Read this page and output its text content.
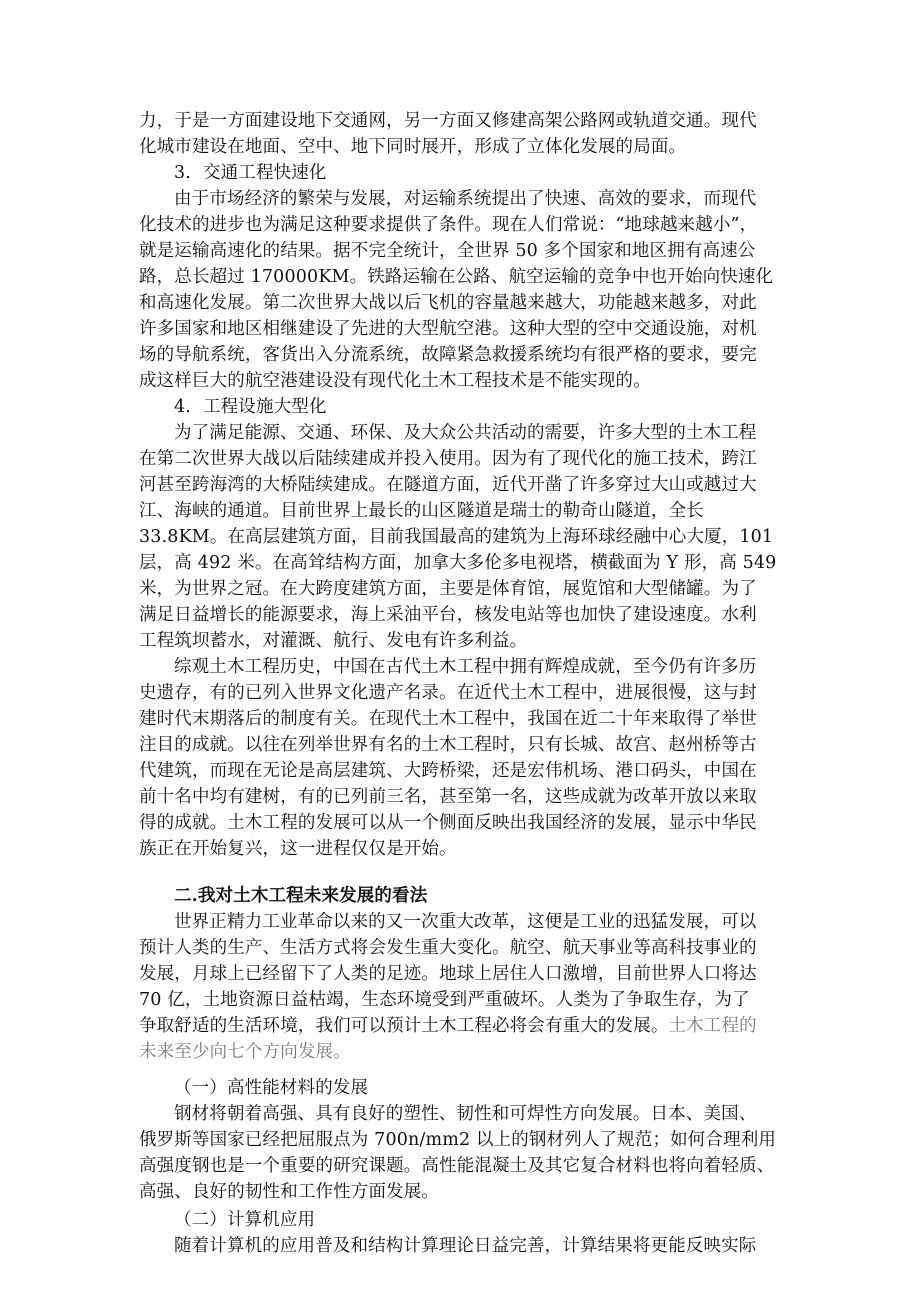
力，于是一方面建设地下交通网，另一方面又修建高架公路网或轨道交通。现代
化城市建设在地面、空中、地下同时展开，形成了立体化发展的局面。
3. 交通工程快速化
由于市场经济的繁荣与发展，对运输系统提出了快速、高效的要求，而现代
化技术的进步也为满足这种要求提供了条件。现在人们常说：“地球越来越小”，
就是运输高速化的结果。据不完全统计，全世界 50 多个国家和地区拥有高速公
路，总长超过 170000KM。铁路运输在公路、航空运输的竞争中也开始向快速化
和高速化发展。第二次世界大战以后飞机的容量越来越大，功能越来越多，对此
许多国家和地区相继建设了先进的大型航空港。这种大型的空中交通设施，对机
场的导航系统，客货出入分流系统，故障紧急救援系统均有很严格的要求，要完
成这样巨大的航空港建设没有现代化土木工程技术是不能实现的。
4. 工程设施大型化
为了满足能源、交通、环保、及大众公共活动的需要，许多大型的土木工程
在第二次世界大战以后陆续建成并投入使用。因为有了现代化的施工技术，跨江
河甚至跨海湾的大桥陆续建成。在隧道方面，近代开凿了许多穿过大山或越过大
江、海峡的通道。目前世界上最长的山区隧道是瑞士的勒奇山隧道，全长
33.8KM。在高层建筑方面，目前我国最高的建筑为上海环球经融中心大厦，101
层，高 492 米。在高耸结构方面，加拿大多伦多电视塔，横截面为 Y 形，高 549
米，为世界之冠。在大跨度建筑方面，主要是体育馆，展览馆和大型储罐。为了
满足日益增长的能源要求，海上采油平台，核发电站等也加快了建设速度。水利
工程筑坝蓄水，对灌溉、航行、发电有许多利益。
综观土木工程历史，中国在古代土木工程中拥有辉煌成就，至今仍有许多历
史遗存，有的已列入世界文化遗产名录。在近代土木工程中，进展很慢，这与封
建时代末期落后的制度有关。在现代土木工程中，我国在近二十年来取得了举世
注目的成就。以往在列举世界有名的土木工程时，只有长城、故宫、赵州桥等古
代建筑，而现在无论是高层建筑、大跨桥梁，还是宏伟机场、港口码头，中国在
前十名中均有建树，有的已列前三名，甚至第一名，这些成就为改革开放以来取
得的成就。土木工程的发展可以从一个侧面反映出我国经济的发展，显示中华民
族正在开始复兴，这一进程仅仅是开始。
二.我对土木工程未来发展的看法
世界正精力工业革命以来的又一次重大改革，这便是工业的迅猛发展，可以
预计人类的生产、生活方式将会发生重大变化。航空、航天事业等高科技事业的
发展，月球上已经留下了人类的足迹。地球上居住人口激增，目前世界人口将达
70 亿，土地资源日益枯竭，生态环境受到严重破坏。人类为了争取生存，为了
争取舒适的生活环境，我们可以预计土木工程必将会有重大的发展。土木工程的
未来至少向七个方向发展。
（一）高性能材料的发展
钢材将朝着高强、具有良好的塑性、韧性和可焊性方向发展。日本、美国、
俄罗斯等国家已经把屈服点为 700n/mm2 以上的钢材列人了规范；如何合理利用
高强度钢也是一个重要的研究课题。高性能混凝土及其它复合材料也将向着轻质、
高强、良好的韧性和工作性方面发展。
（二）计算机应用
随着计算机的应用普及和结构计算理论日益完善，计算结果将更能反映实际
